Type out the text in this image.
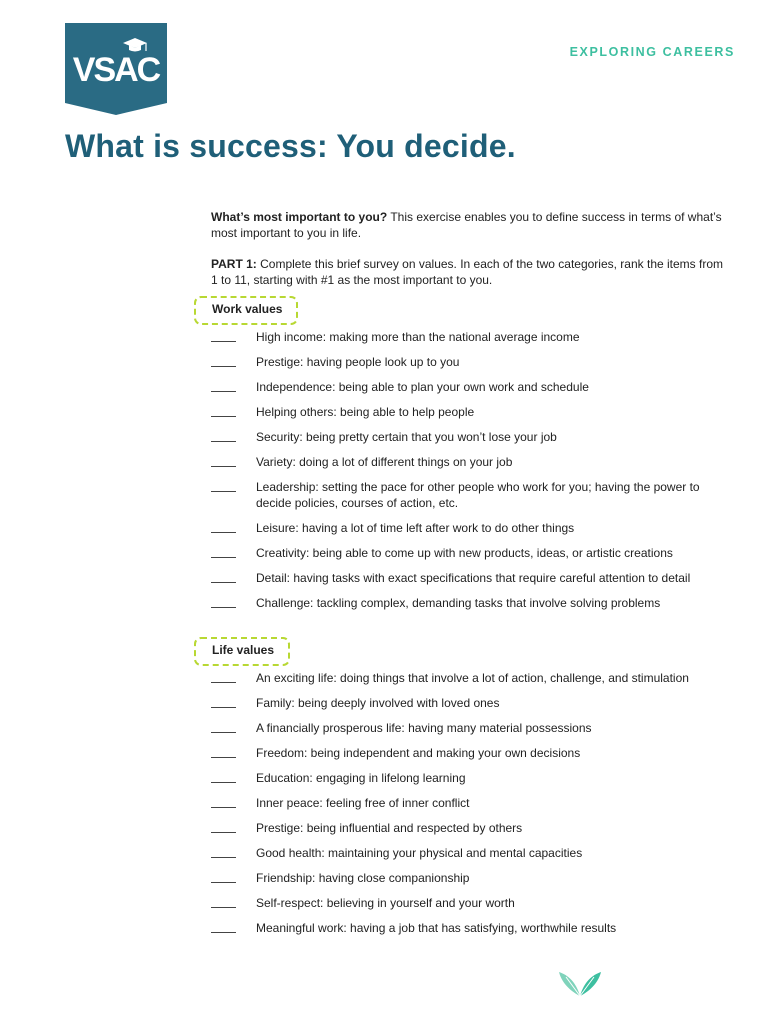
VSAC	EXPLORING CAREERS
What is success: You decide.

What’s most important to you? This exercise enables you to define success in terms of what’s most important to you in life.

PART 1: Complete this brief survey on values. In each of the two categories, rank the items from 1 to 11, starting with #1 as the most important to you.

Work values
High income: making more than the national average income
Prestige: having people look up to you
Independence: being able to plan your own work and schedule
Helping others: being able to help people
Security: being pretty certain that you won’t lose your job
Variety: doing a lot of different things on your job
Leadership: setting the pace for other people who work for you; having the power to decide policies, courses of action, etc.
Leisure: having a lot of time left after work to do other things
Creativity: being able to come up with new products, ideas, or artistic creations
Detail: having tasks with exact specifications that require careful attention to detail
Challenge: tackling complex, demanding tasks that involve solving problems
Life values
An exciting life: doing things that involve a lot of action, challenge, and stimulation
Family: being deeply involved with loved ones
A financially prosperous life: having many material possessions
Freedom: being independent and making your own decisions
Education: engaging in lifelong learning
Inner peace: feeling free of inner conflict
Prestige: being influential and respected by others
Good health: maintaining your physical and mental capacities
Friendship: having close companionship
Self-respect: believing in yourself and your worth
Meaningful work: having a job that has satisfying, worthwhile results
